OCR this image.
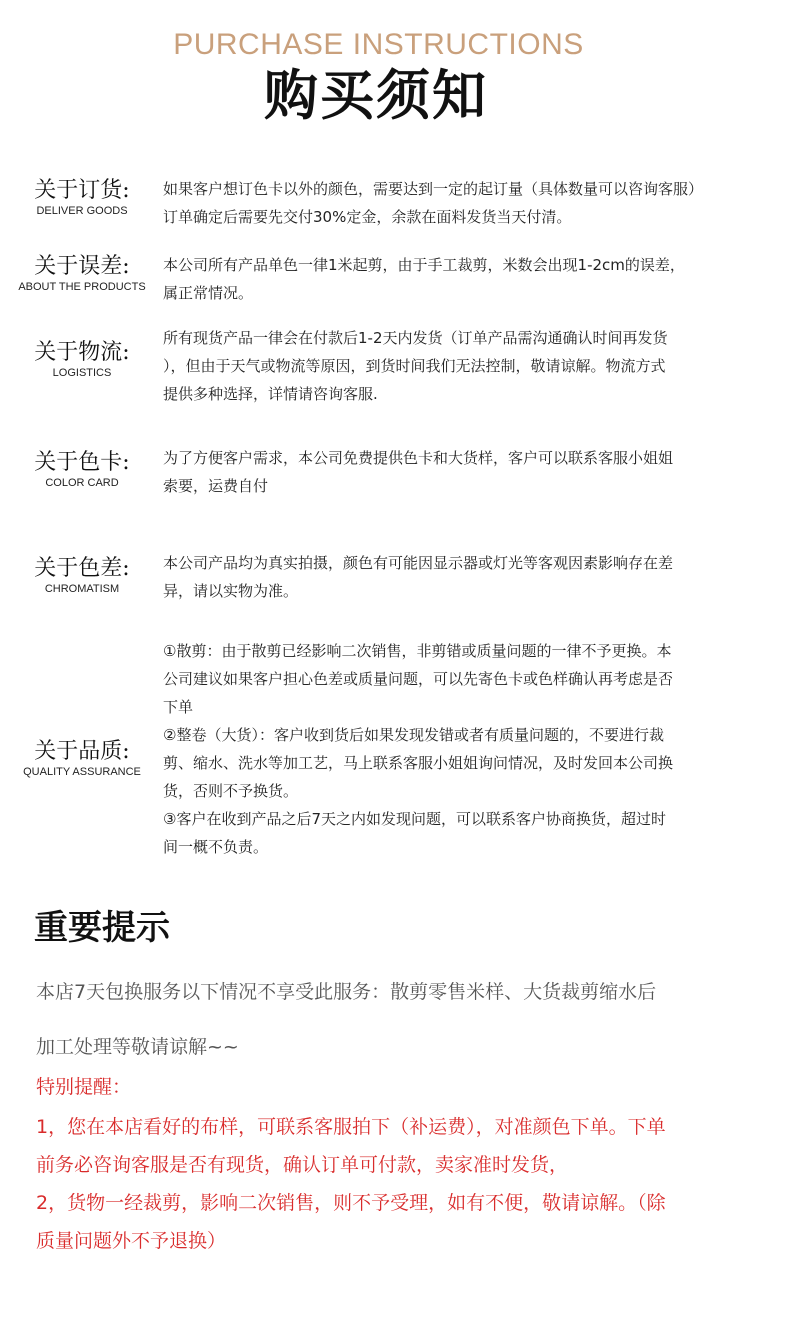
PURCHASE INSTRUCTIONS
购买须知
关于订货:
DELIVER GOODS
如果客户想订色卡以外的颜色，需要达到一定的起订量（具体数量可以咨询客服）
订单确定后需要先交付30%定金，余款在面料发货当天付清。
关于误差:
ABOUT THE PRODUCTS
本公司所有产品单色一律1米起剪，由于手工裁剪，米数会出现1-2cm的误差，
属正常情况。
关于物流:
LOGISTICS
所有现货产品一律会在付款后1-2天内发货（订单产品需沟通确认时间再发货
），但由于天气或物流等原因，到货时间我们无法控制，敬请谅解。物流方式
提供多种选择，详情请咨询客服.
关于色卡:
COLOR CARD
为了方便客户需求，本公司免费提供色卡和大货样，客户可以联系客服小姐姐
索要，运费自付
关于色差:
CHROMATISM
本公司产品均为真实拍摄，颜色有可能因显示器或灯光等客观因素影响存在差
异，请以实物为准。
关于品质:
QUALITY ASSURANCE
①散剪：由于散剪已经影响二次销售，非剪错或质量问题的一律不予更换。本
公司建议如果客户担心色差或质量问题，可以先寄色卡或色样确认再考虑是否
下单
②整卷（大货）：客户收到货后如果发现发错或者有质量问题的，不要进行裁
剪、缩水、洗水等加工艺，马上联系客服小姐姐询问情况，及时发回本公司换
货，否则不予换货。
③客户在收到产品之后7天之内如发现问题，可以联系客户协商换货，超过时
间一概不负责。
重要提示
本店7天包换服务以下情况不享受此服务：散剪零售米样、大货裁剪缩水后
加工处理等敬请谅解~~
特别提醒：
1，您在本店看好的布样，可联系客服拍下（补运费），对准颜色下单。下单
前务必咨询客服是否有现货，确认订单可付款，卖家准时发货，
2，货物一经裁剪，影响二次销售，则不予受理，如有不便，敬请谅解。（除
质量问题外不予退换）
